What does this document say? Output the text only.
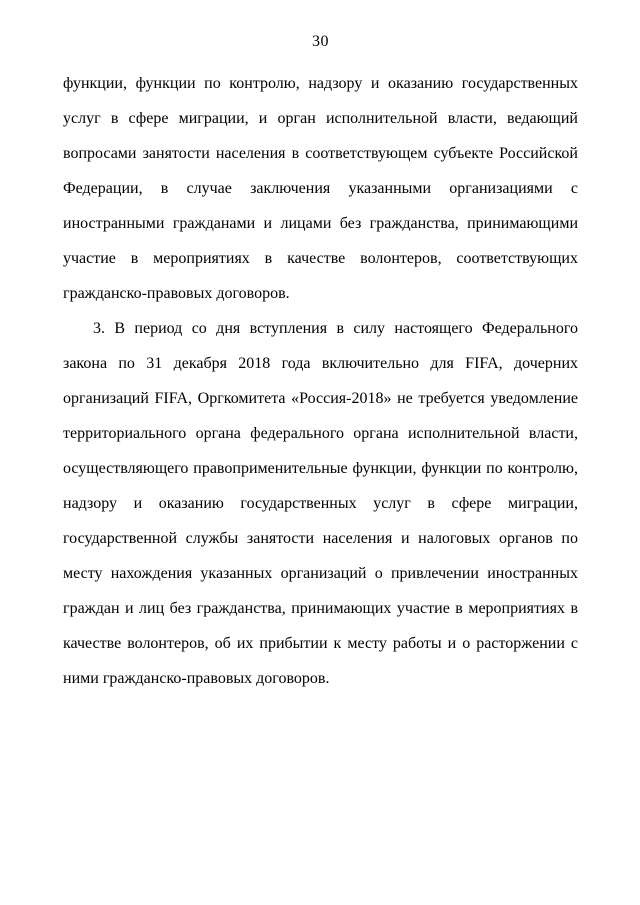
30
функции, функции по контролю, надзору и оказанию государственных
услуг в сфере миграции, и орган исполнительной власти, ведающий
вопросами занятости населения в соответствующем субъекте Российской
Федерации, в случае заключения указанными организациями с
иностранными гражданами и лицами без гражданства, принимающими
участие в мероприятиях в качестве волонтеров, соответствующих
гражданско-правовых договоров.
3. В период со дня вступления в силу настоящего Федерального
закона по 31 декабря 2018 года включительно для FIFA, дочерних
организаций FIFA, Оргкомитета «Россия-2018» не требуется уведомление
территориального органа федерального органа исполнительной власти,
осуществляющего правоприменительные функции, функции по контролю,
надзору и оказанию государственных услуг в сфере миграции,
государственной службы занятости населения и налоговых органов по
месту нахождения указанных организаций о привлечении иностранных
граждан и лиц без гражданства, принимающих участие в мероприятиях в
качестве волонтеров, об их прибытии к месту работы и о расторжении с
ними гражданско-правовых договоров.
